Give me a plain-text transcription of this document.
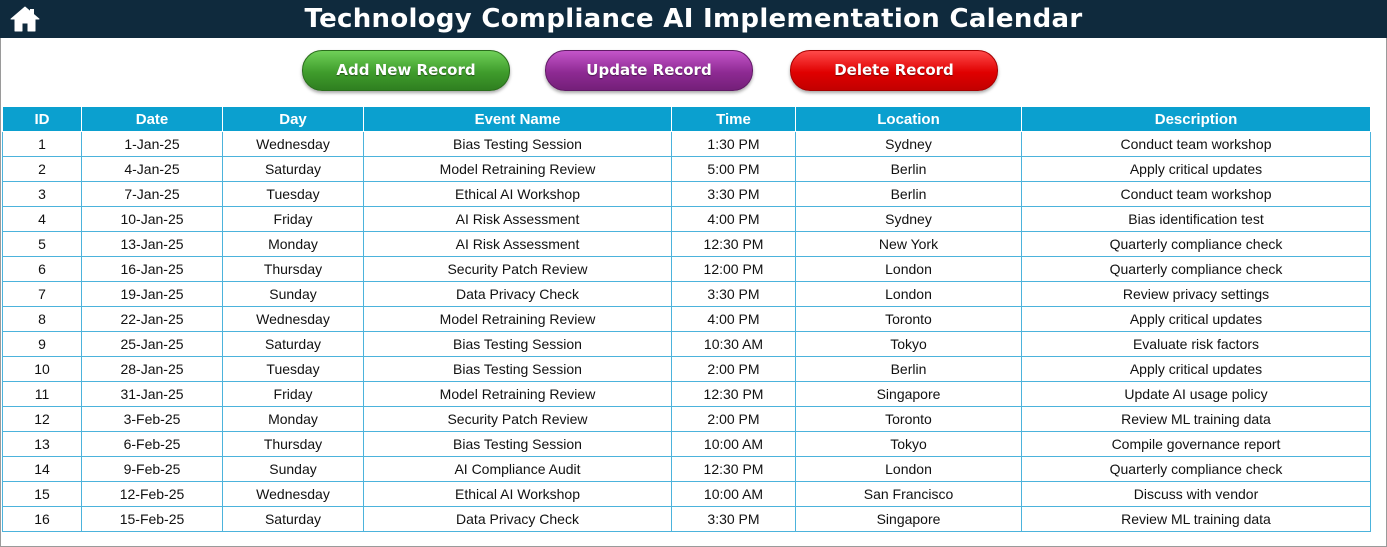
Technology Compliance AI Implementation Calendar
Add New Record	Update Record	Delete Record
ID	Date	Day	Event Name	Time	Location	Description
1	1-Jan-25	Wednesday	Bias Testing Session	1:30 PM	Sydney	Conduct team workshop
2	4-Jan-25	Saturday	Model Retraining Review	5:00 PM	Berlin	Apply critical updates
3	7-Jan-25	Tuesday	Ethical AI Workshop	3:30 PM	Berlin	Conduct team workshop
4	10-Jan-25	Friday	AI Risk Assessment	4:00 PM	Sydney	Bias identification test
5	13-Jan-25	Monday	AI Risk Assessment	12:30 PM	New York	Quarterly compliance check
6	16-Jan-25	Thursday	Security Patch Review	12:00 PM	London	Quarterly compliance check
7	19-Jan-25	Sunday	Data Privacy Check	3:30 PM	London	Review privacy settings
8	22-Jan-25	Wednesday	Model Retraining Review	4:00 PM	Toronto	Apply critical updates
9	25-Jan-25	Saturday	Bias Testing Session	10:30 AM	Tokyo	Evaluate risk factors
10	28-Jan-25	Tuesday	Bias Testing Session	2:00 PM	Berlin	Apply critical updates
11	31-Jan-25	Friday	Model Retraining Review	12:30 PM	Singapore	Update AI usage policy
12	3-Feb-25	Monday	Security Patch Review	2:00 PM	Toronto	Review ML training data
13	6-Feb-25	Thursday	Bias Testing Session	10:00 AM	Tokyo	Compile governance report
14	9-Feb-25	Sunday	AI Compliance Audit	12:30 PM	London	Quarterly compliance check
15	12-Feb-25	Wednesday	Ethical AI Workshop	10:00 AM	San Francisco	Discuss with vendor
16	15-Feb-25	Saturday	Data Privacy Check	3:30 PM	Singapore	Review ML training data
